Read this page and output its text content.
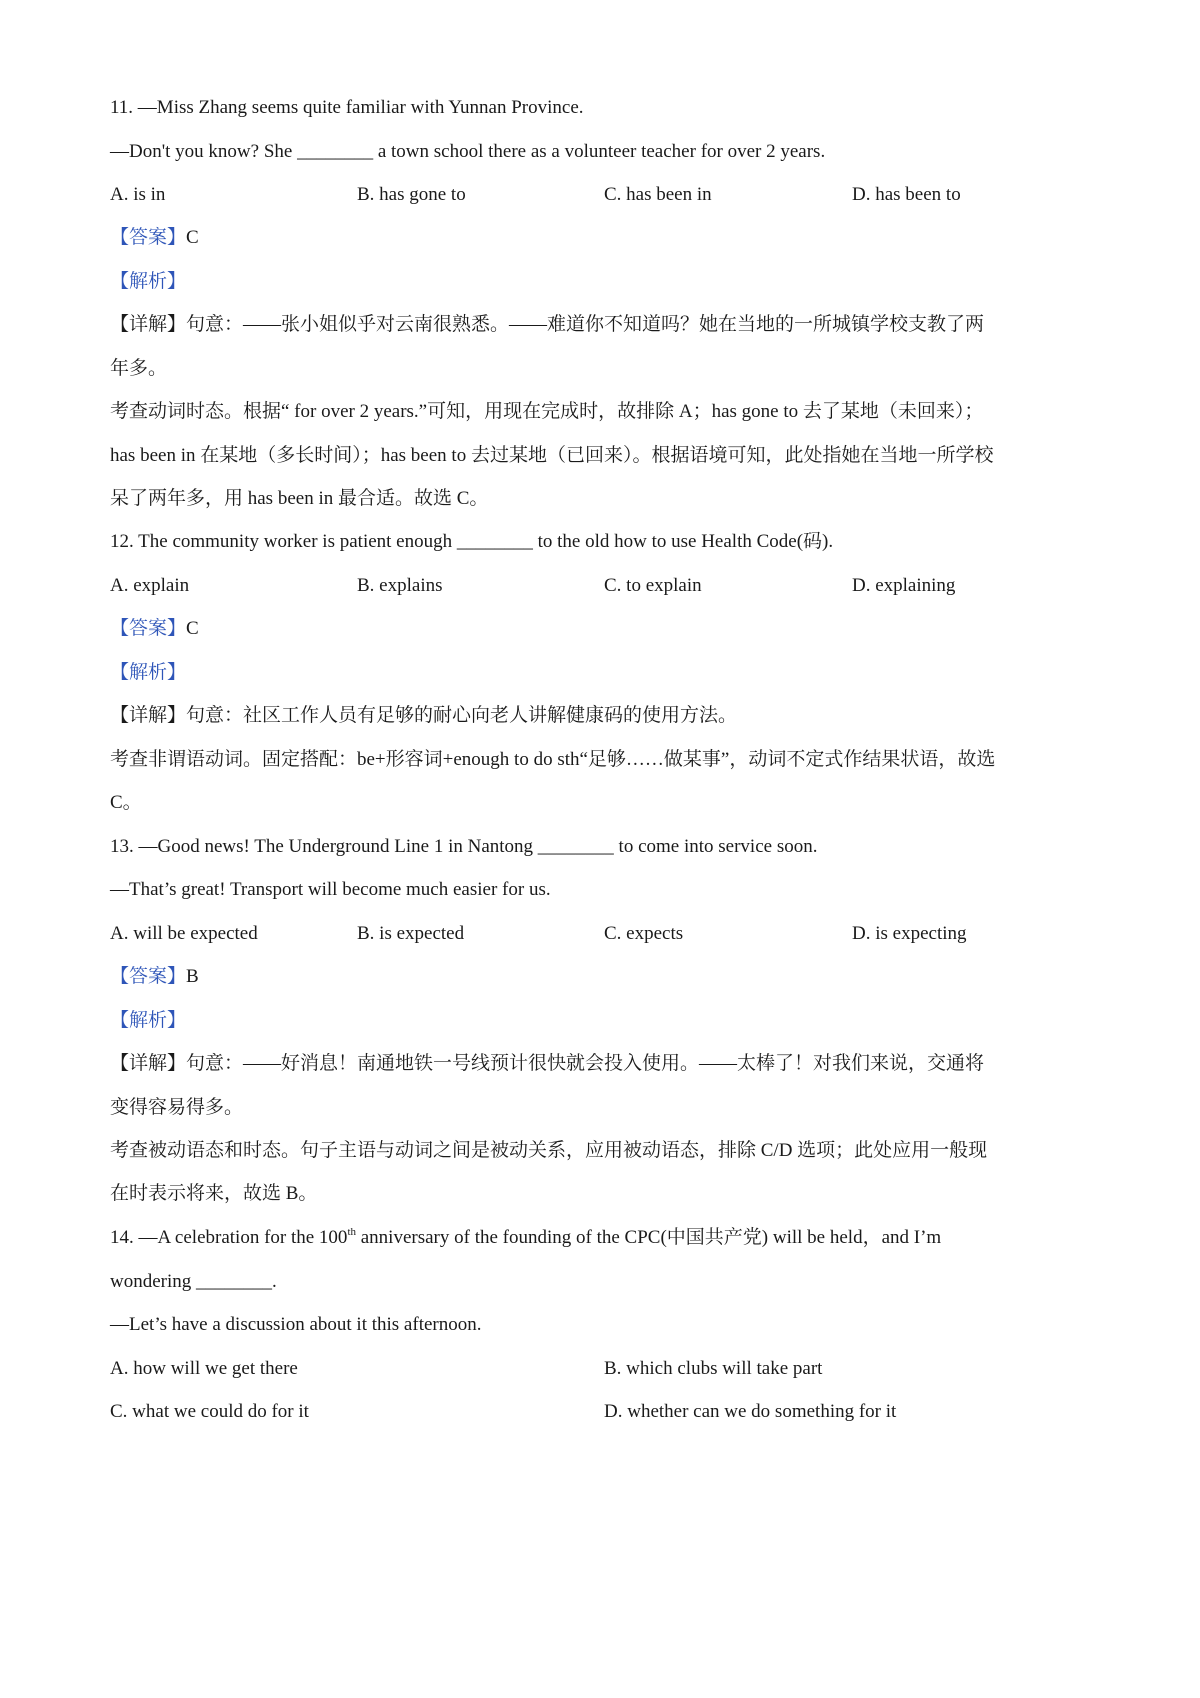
11. —Miss Zhang seems quite familiar with Yunnan Province.
—Don't you know? She ________ a town school there as a volunteer teacher for over 2 years.
A. is in	B. has gone to	C. has been in	D. has been to
【答案】C
【解析】
【详解】句意：——张小姐似乎对云南很熟悉。——难道你不知道吗？她在当地的一所城镇学校支教了两
年多。
考查动词时态。根据“ for over 2 years.”可知，用现在完成时，故排除 A；has gone to 去了某地（未回来）；
has been in 在某地（多长时间）；has been to 去过某地（已回来）。根据语境可知，此处指她在当地一所学校
呆了两年多，用 has been in 最合适。故选 C。
12. The community worker is patient enough ________ to the old how to use Health Code(码).
A. explain	B. explains	C. to explain	D. explaining
【答案】C
【解析】
【详解】句意：社区工作人员有足够的耐心向老人讲解健康码的使用方法。
考查非谓语动词。固定搭配：be+形容词+enough to do sth“足够……做某事”，动词不定式作结果状语，故选
C。
13. —Good news! The Underground Line 1 in Nantong ________ to come into service soon.
—That’s great! Transport will become much easier for us.
A. will be expected	B. is expected	C. expects	D. is expecting
【答案】B
【解析】
【详解】句意：——好消息！南通地铁一号线预计很快就会投入使用。——太棒了！对我们来说，交通将
变得容易得多。
考查被动语态和时态。句子主语与动词之间是被动关系，应用被动语态，排除 C/D 选项；此处应用一般现
在时表示将来，故选 B。
14. —A celebration for the 100th anniversary of the founding of the CPC(中国共产党) will be held，and I’m
wondering ________.
—Let’s have a discussion about it this afternoon.
A. how will we get there	B. which clubs will take part
C. what we could do for it	D. whether can we do something for it
